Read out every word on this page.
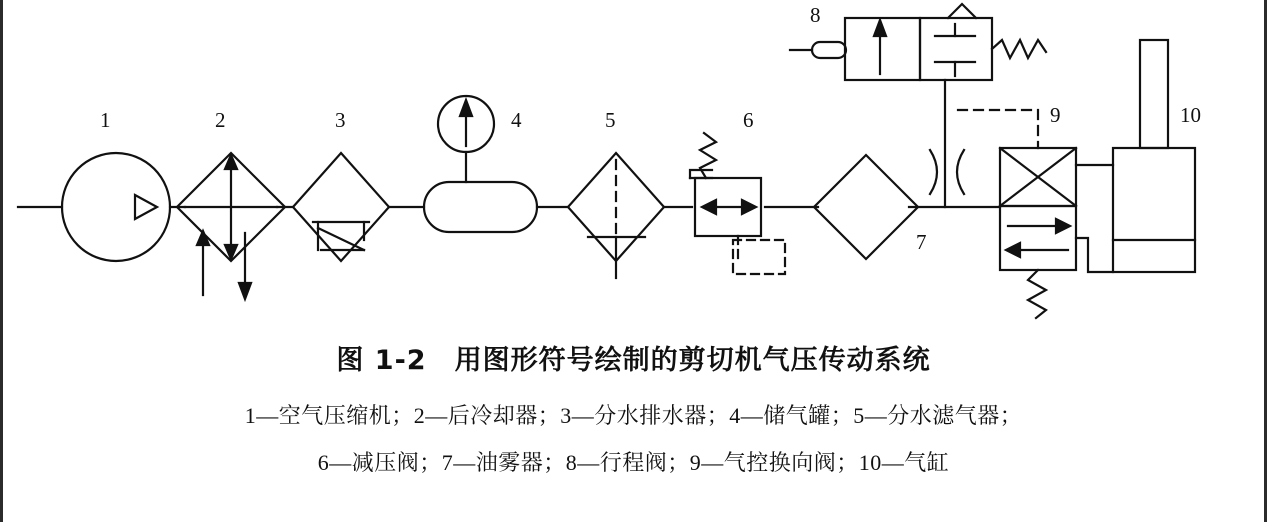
1	2	3	4	5	6
7
8
9	10
图 1-2　用图形符号绘制的剪切机气压传动系统
1—空气压缩机；2—后冷却器；3—分水排水器；4—储气罐；5—分水滤气器；
6—减压阀；7—油雾器；8—行程阀；9—气控换向阀；10—气缸
